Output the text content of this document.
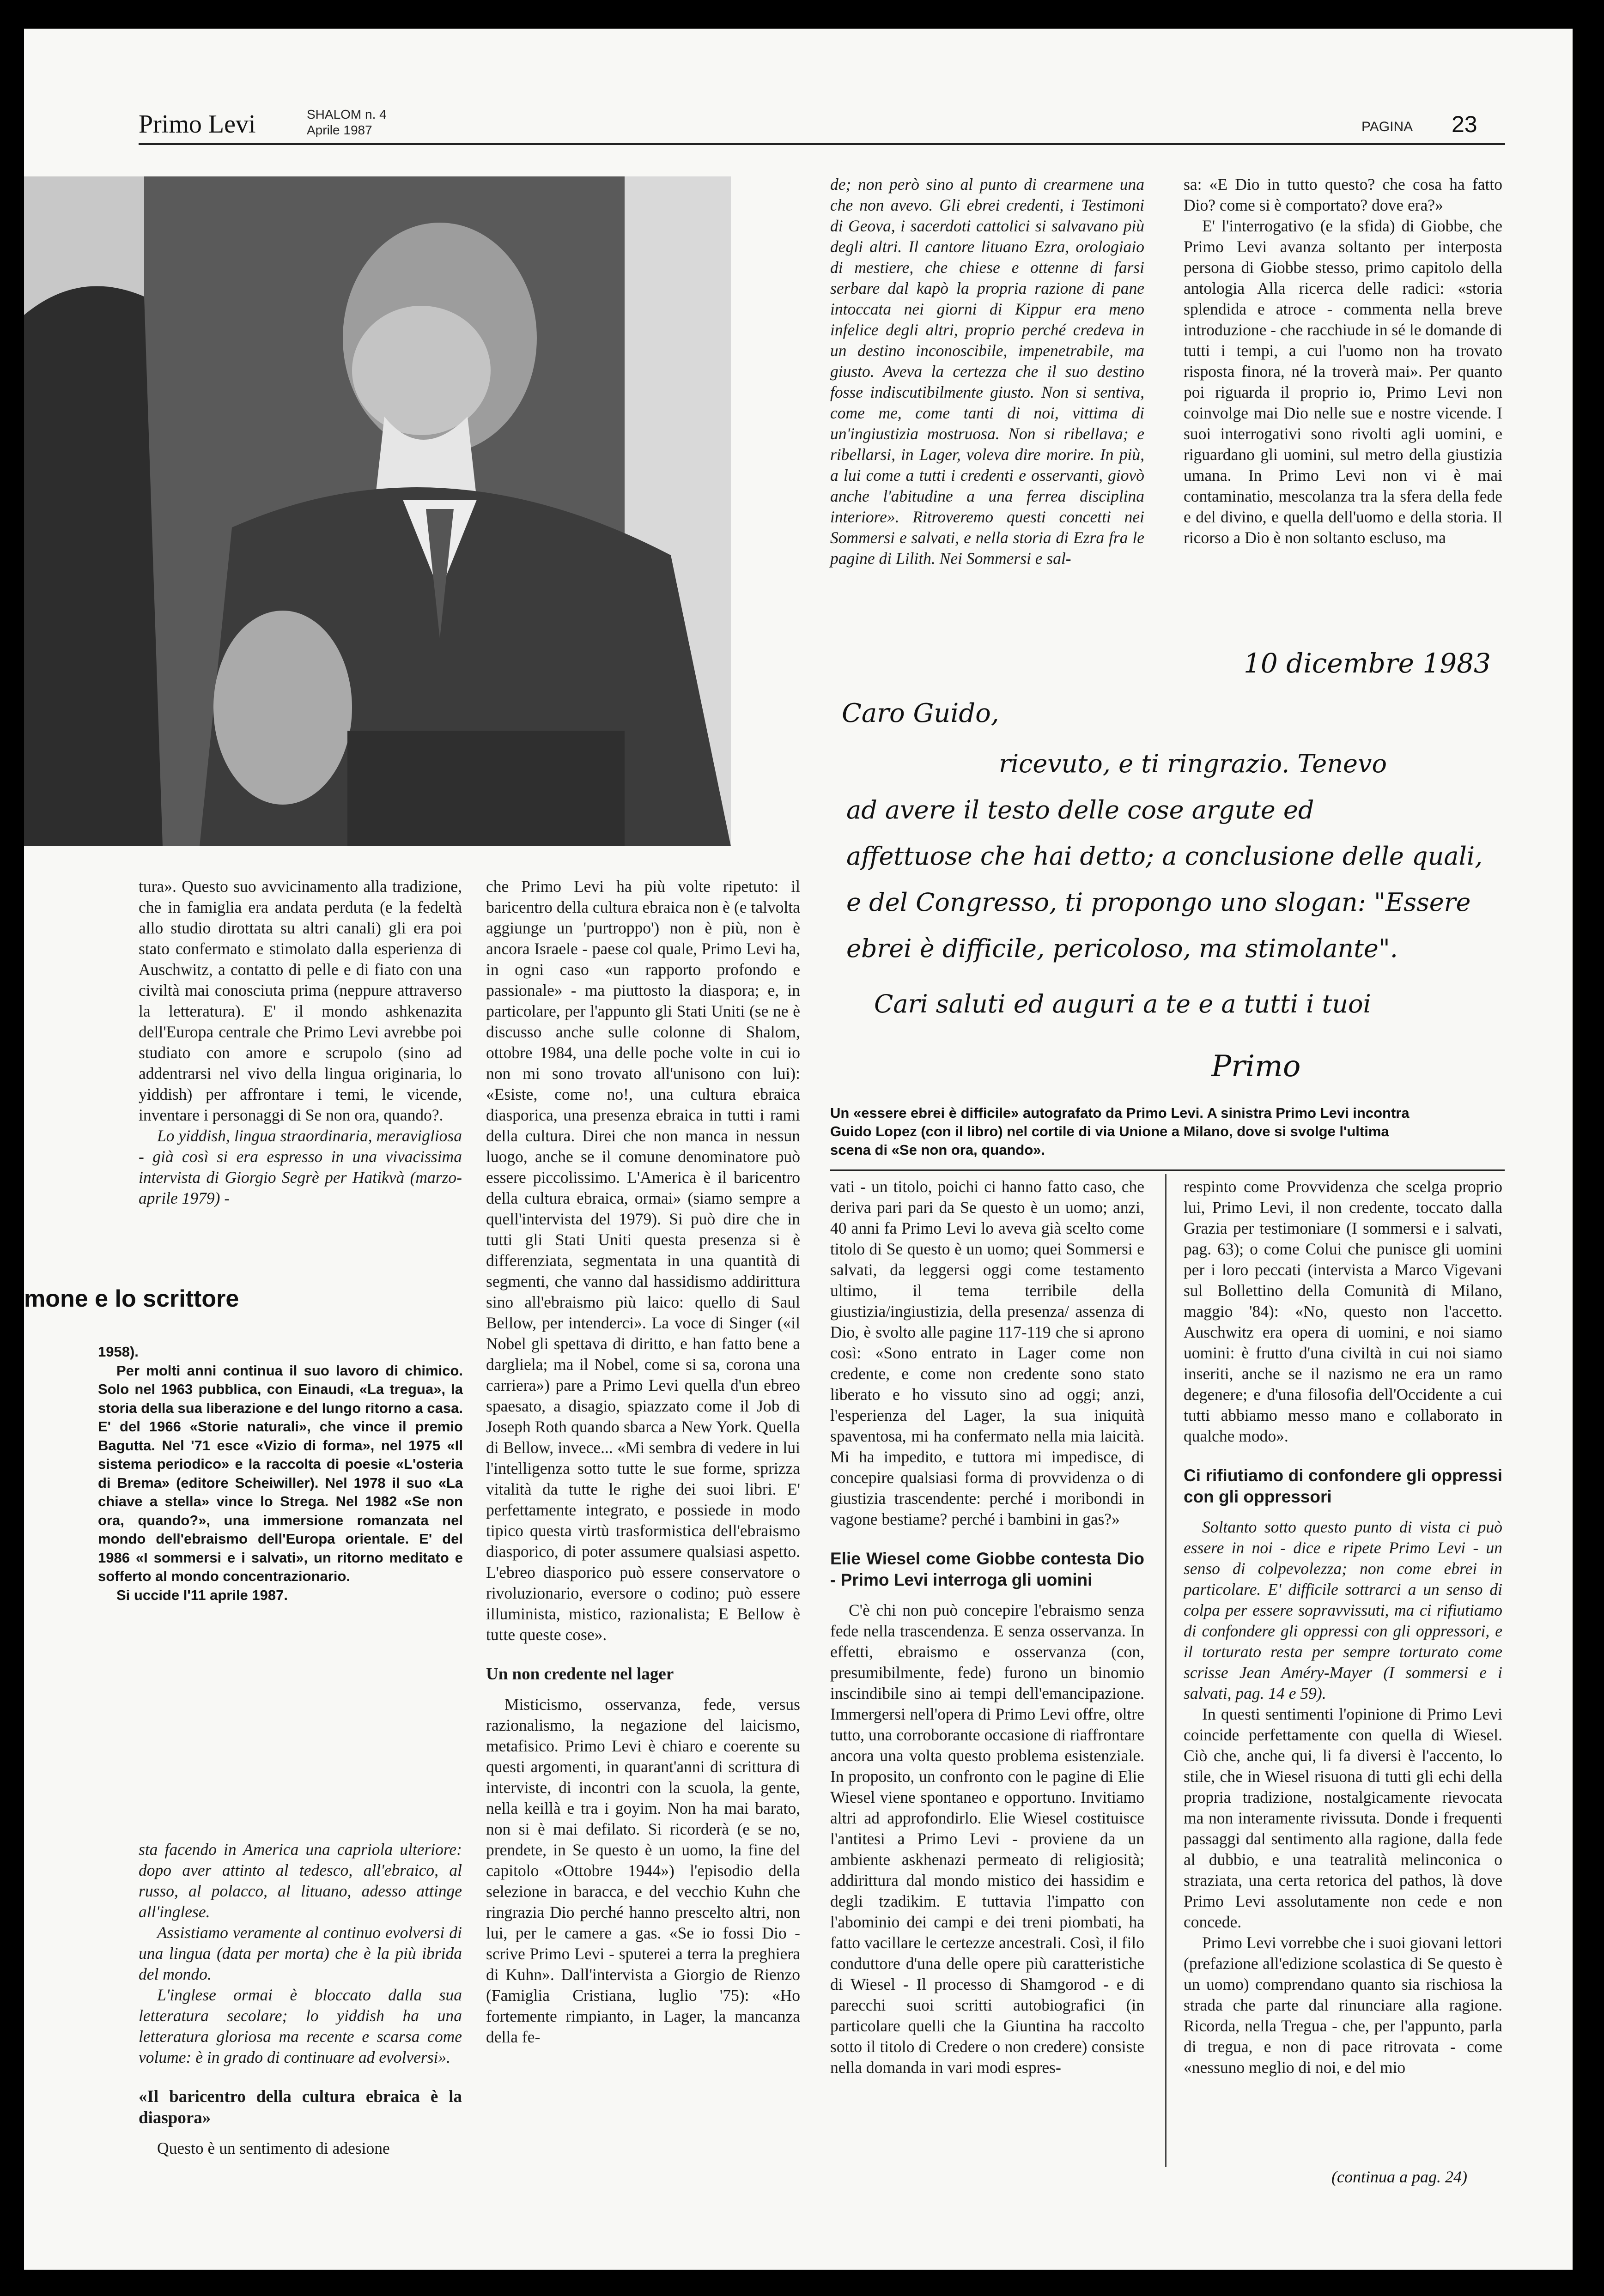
Primo Levi	SHALOM n. 4
Aprile 1987	PAGINA 23

tura». Questo suo avvicinamento alla tradizione, che in famiglia era andata perduta (e la fedeltà allo studio dirottata su altri canali) gli era poi stato confermato e stimolato dalla esperienza di Auschwitz, a contatto di pelle e di fiato con una civiltà mai conosciuta prima (neppure attraverso la letteratura). E' il mondo ashkenazita dell'Europa centrale che Primo Levi avrebbe poi studiato con amore e scrupolo (sino ad addentrarsi nel vivo della lingua originaria, lo yiddish) per affrontare i temi, le vicende, inventare i personaggi di Se non ora, quando?.

Lo yiddish, lingua straordinaria, meravigliosa - già così si era espresso in una vivacissima intervista di Giorgio Segrè per Hatikvà (marzo-aprile 1979) -

mone e lo scrittore

1958).

Per molti anni continua il suo lavoro di chimico. Solo nel 1963 pubblica, con Einaudi, «La tregua», la storia della sua liberazione e del lungo ritorno a casa. E' del 1966 «Storie naturali», che vince il premio Bagutta. Nel '71 esce «Vizio di forma», nel 1975 «Il sistema periodico» e la raccolta di poesie «L'osteria di Brema» (editore Scheiwiller). Nel 1978 il suo «La chiave a stella» vince lo Strega. Nel 1982 «Se non ora, quando?», una immersione romanzata nel mondo dell'ebraismo dell'Europa orientale. E' del 1986 «I sommersi e i salvati», un ritorno meditato e sofferto al mondo concentrazionario.

Si uccide l'11 aprile 1987.

sta facendo in America una capriola ulteriore: dopo aver attinto al tedesco, all'ebraico, al russo, al polacco, al lituano, adesso attinge all'inglese.

Assistiamo veramente al continuo evolversi di una lingua (data per morta) che è la più ibrida del mondo.

L'inglese ormai è bloccato dalla sua letteratura secolare; lo yiddish ha una letteratura gloriosa ma recente e scarsa come volume: è in grado di continuare ad evolversi».

«Il baricentro della cultura ebraica è la diaspora»

Questo è un sentimento di adesione

che Primo Levi ha più volte ripetuto: il baricentro della cultura ebraica non è (e talvolta aggiunge un 'purtroppo') non è più, non è ancora Israele - paese col quale, Primo Levi ha, in ogni caso «un rapporto profondo e passionale» - ma piuttosto la diaspora; e, in particolare, per l'appunto gli Stati Uniti (se ne è discusso anche sulle colonne di Shalom, ottobre 1984, una delle poche volte in cui io non mi sono trovato all'unisono con lui): «Esiste, come no!, una cultura ebraica diasporica, una presenza ebraica in tutti i rami della cultura. Direi che non manca in nessun luogo, anche se il comune denominatore può essere piccolissimo. L'America è il baricentro della cultura ebraica, ormai» (siamo sempre a quell'intervista del 1979). Si può dire che in tutti gli Stati Uniti questa presenza si è differenziata, segmentata in una quantità di segmenti, che vanno dal hassidismo addirittura sino all'ebraismo più laico: quello di Saul Bellow, per intenderci». La voce di Singer («il Nobel gli spettava di diritto, e han fatto bene a dargliela; ma il Nobel, come si sa, corona una carriera») pare a Primo Levi quella d'un ebreo spaesato, a disagio, spiazzato come il Job di Joseph Roth quando sbarca a New York. Quella di Bellow, invece... «Mi sembra di vedere in lui l'intelligenza sotto tutte le sue forme, sprizza vitalità da tutte le righe dei suoi libri. E' perfettamente integrato, e possiede in modo tipico questa virtù trasformistica dell'ebraismo diasporico, di poter assumere qualsiasi aspetto. L'ebreo diasporico può essere conservatore o rivoluzionario, eversore o codino; può essere illuminista, mistico, razionalista; E Bellow è tutte queste cose».

Un non credente nel lager

Misticismo, osservanza, fede, versus razionalismo, la negazione del laicismo, metafisico. Primo Levi è chiaro e coerente su questi argomenti, in quarant'anni di scrittura di interviste, di incontri con la scuola, la gente, nella keillà e tra i goyim. Non ha mai barato, non si è mai defilato. Si ricorderà (e se no, prendete, in Se questo è un uomo, la fine del capitolo «Ottobre 1944») l'episodio della selezione in baracca, e del vecchio Kuhn che ringrazia Dio perché hanno prescelto altri, non lui, per le camere a gas. «Se io fossi Dio - scrive Primo Levi - sputerei a terra la preghiera di Kuhn». Dall'intervista a Giorgio de Rienzo (Famiglia Cristiana, luglio '75): «Ho fortemente rimpianto, in Lager, la mancanza della fe-

de; non però sino al punto di crearmene una che non avevo. Gli ebrei credenti, i Testimoni di Geova, i sacerdoti cattolici si salvavano più degli altri. Il cantore lituano Ezra, orologiaio di mestiere, che chiese e ottenne di farsi serbare dal kapò la propria razione di pane intoccata nei giorni di Kippur era meno infelice degli altri, proprio perché credeva in un destino inconoscibile, impenetrabile, ma giusto. Aveva la certezza che il suo destino fosse indiscutibilmente giusto. Non si sentiva, come me, come tanti di noi, vittima di un'ingiustizia mostruosa. Non si ribellava; e ribellarsi, in Lager, voleva dire morire. In più, a lui come a tutti i credenti e osservanti, giovò anche l'abitudine a una ferrea disciplina interiore». Ritroveremo questi concetti nei Sommersi e salvati, e nella storia di Ezra fra le pagine di Lilith. Nei Sommersi e sal-

sa: «E Dio in tutto questo? che cosa ha fatto Dio? come si è comportato? dove era?»

E' l'interrogativo (e la sfida) di Giobbe, che Primo Levi avanza soltanto per interposta persona di Giobbe stesso, primo capitolo della antologia Alla ricerca delle radici: «storia splendida e atroce - commenta nella breve introduzione - che racchiude in sé le domande di tutti i tempi, a cui l'uomo non ha trovato risposta finora, né la troverà mai». Per quanto poi riguarda il proprio io, Primo Levi non coinvolge mai Dio nelle sue e nostre vicende. I suoi interrogativi sono rivolti agli uomini, e riguardano gli uomini, sul metro della giustizia umana. In Primo Levi non vi è mai contaminatio, mescolanza tra la sfera della fede e del divino, e quella dell'uomo e della storia. Il ricorso a Dio è non soltanto escluso, ma

10 dicembre 1983
Caro Guido,
ricevuto, e ti ringrazio. Tenevo
ad avere il testo delle cose argute ed
affettuose che hai detto; a conclusione delle quali,
e del Congresso, ti propongo uno slogan: "Essere
ebrei è difficile, pericoloso, ma stimolante".
Cari saluti ed auguri a te e a tutti i tuoi
Primo
Un «essere ebrei è difficile» autografato da Primo Levi. A sinistra Primo Levi incontra Guido Lopez (con il libro) nel cortile di via Unione a Milano, dove si svolge l'ultima scena di «Se non ora, quando».

vati - un titolo, poichi ci hanno fatto caso, che deriva pari pari da Se questo è un uomo; anzi, 40 anni fa Primo Levi lo aveva già scelto come titolo di Se questo è un uomo; quei Sommersi e salvati, da leggersi oggi come testamento ultimo, il tema terribile della giustizia/ingiustizia, della presenza/ assenza di Dio, è svolto alle pagine 117-119 che si aprono così: «Sono entrato in Lager come non credente, e come non credente sono stato liberato e ho vissuto sino ad oggi; anzi, l'esperienza del Lager, la sua iniquità spaventosa, mi ha confermato nella mia laicità. Mi ha impedito, e tuttora mi impedisce, di concepire qualsiasi forma di provvidenza o di giustizia trascendente: perché i moribondi in vagone bestiame? perché i bambini in gas?»

Elie Wiesel come Giobbe contesta Dio - Primo Levi interroga gli uomini

C'è chi non può concepire l'ebraismo senza fede nella trascendenza. E senza osservanza. In effetti, ebraismo e osservanza (con, presumibilmente, fede) furono un binomio inscindibile sino ai tempi dell'emancipazione. Immergersi nell'opera di Primo Levi offre, oltre tutto, una corroborante occasione di riaffrontare ancora una volta questo problema esistenziale. In proposito, un confronto con le pagine di Elie Wiesel viene spontaneo e opportuno. Invitiamo altri ad approfondirlo. Elie Wiesel costituisce l'antitesi a Primo Levi - proviene da un ambiente askhenazi permeato di religiosità; addirittura dal mondo mistico dei hassidim e degli tzadikim. E tuttavia l'impatto con l'abominio dei campi e dei treni piombati, ha fatto vacillare le certezze ancestrali. Così, il filo conduttore d'una delle opere più caratteristiche di Wiesel - Il processo di Shamgorod - e di parecchi suoi scritti autobiografici (in particolare quelli che la Giuntina ha raccolto sotto il titolo di Credere o non credere) consiste nella domanda in vari modi espres-

respinto come Provvidenza che scelga proprio lui, Primo Levi, il non credente, toccato dalla Grazia per testimoniare (I sommersi e i salvati, pag. 63); o come Colui che punisce gli uomini per i loro peccati (intervista a Marco Vigevani sul Bollettino della Comunità di Milano, maggio '84): «No, questo non l'accetto. Auschwitz era opera di uomini, e noi siamo uomini: è frutto d'una civiltà in cui noi siamo inseriti, anche se il nazismo ne era un ramo degenere; e d'una filosofia dell'Occidente a cui tutti abbiamo messo mano e collaborato in qualche modo».

Ci rifiutiamo di confondere gli oppressi con gli oppressori

Soltanto sotto questo punto di vista ci può essere in noi - dice e ripete Primo Levi - un senso di colpevolezza; non come ebrei in particolare. E' difficile sottrarci a un senso di colpa per essere sopravvissuti, ma ci rifiutiamo di confondere gli oppressi con gli oppressori, e il torturato resta per sempre torturato come scrisse Jean Améry-Mayer (I sommersi e i salvati, pag. 14 e 59).

In questi sentimenti l'opinione di Primo Levi coincide perfettamente con quella di Wiesel. Ciò che, anche qui, li fa diversi è l'accento, lo stile, che in Wiesel risuona di tutti gli echi della propria tradizione, nostalgicamente rievocata ma non interamente rivissuta. Donde i frequenti passaggi dal sentimento alla ragione, dalla fede al dubbio, e una teatralità melinconica o straziata, una certa retorica del pathos, là dove Primo Levi assolutamente non cede e non concede.

Primo Levi vorrebbe che i suoi giovani lettori (prefazione all'edizione scolastica di Se questo è un uomo) comprendano quanto sia rischiosa la strada che parte dal rinunciare alla ragione. Ricorda, nella Tregua - che, per l'appunto, parla di tregua, e non di pace ritrovata - come «nessuno meglio di noi, e del mio

(continua a pag. 24)
